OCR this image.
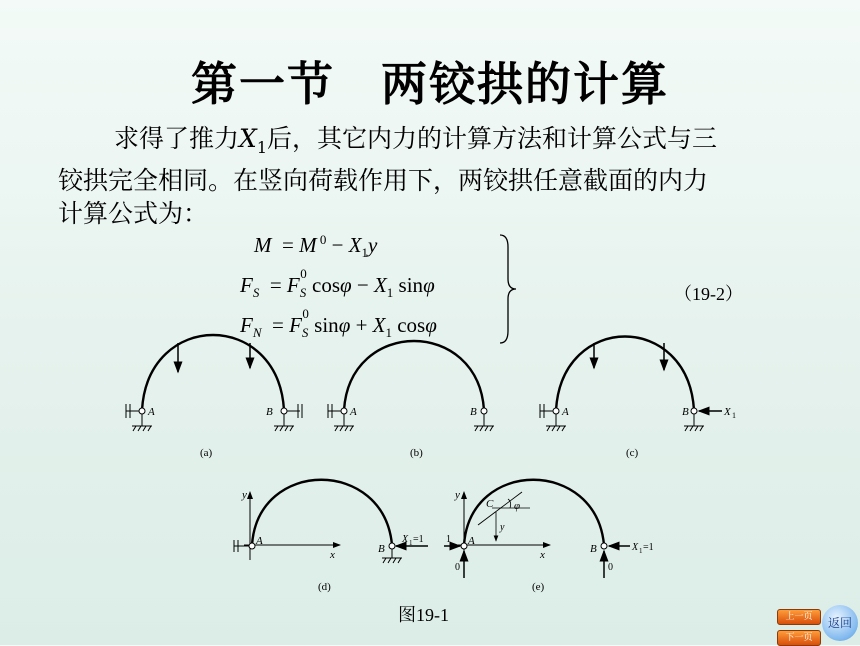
第一节 两铰拱的计算
求得了推力$X_1$后，其它内力的计算方法和计算公式与三
铰拱完全相同。在竖向荷载作用下，两铰拱任意截面的内力
计算公式为：
M  = M $^0 - X_1y$
$F_S = F_S^0$ $\cos\varphi - X_1$ sinφ
$F_N = F_S^0$ $\sin\varphi + X_1$ cosφ
（19-2）
A	B
(a)
A	B
(b)
A	B	X 1
(c)
y
x
A
B
X 1 =1
(d)
y
x
C φ
y
A
B
1
0	0
X 1 =1
(e)
图19-1	上一页
下一页
返回
